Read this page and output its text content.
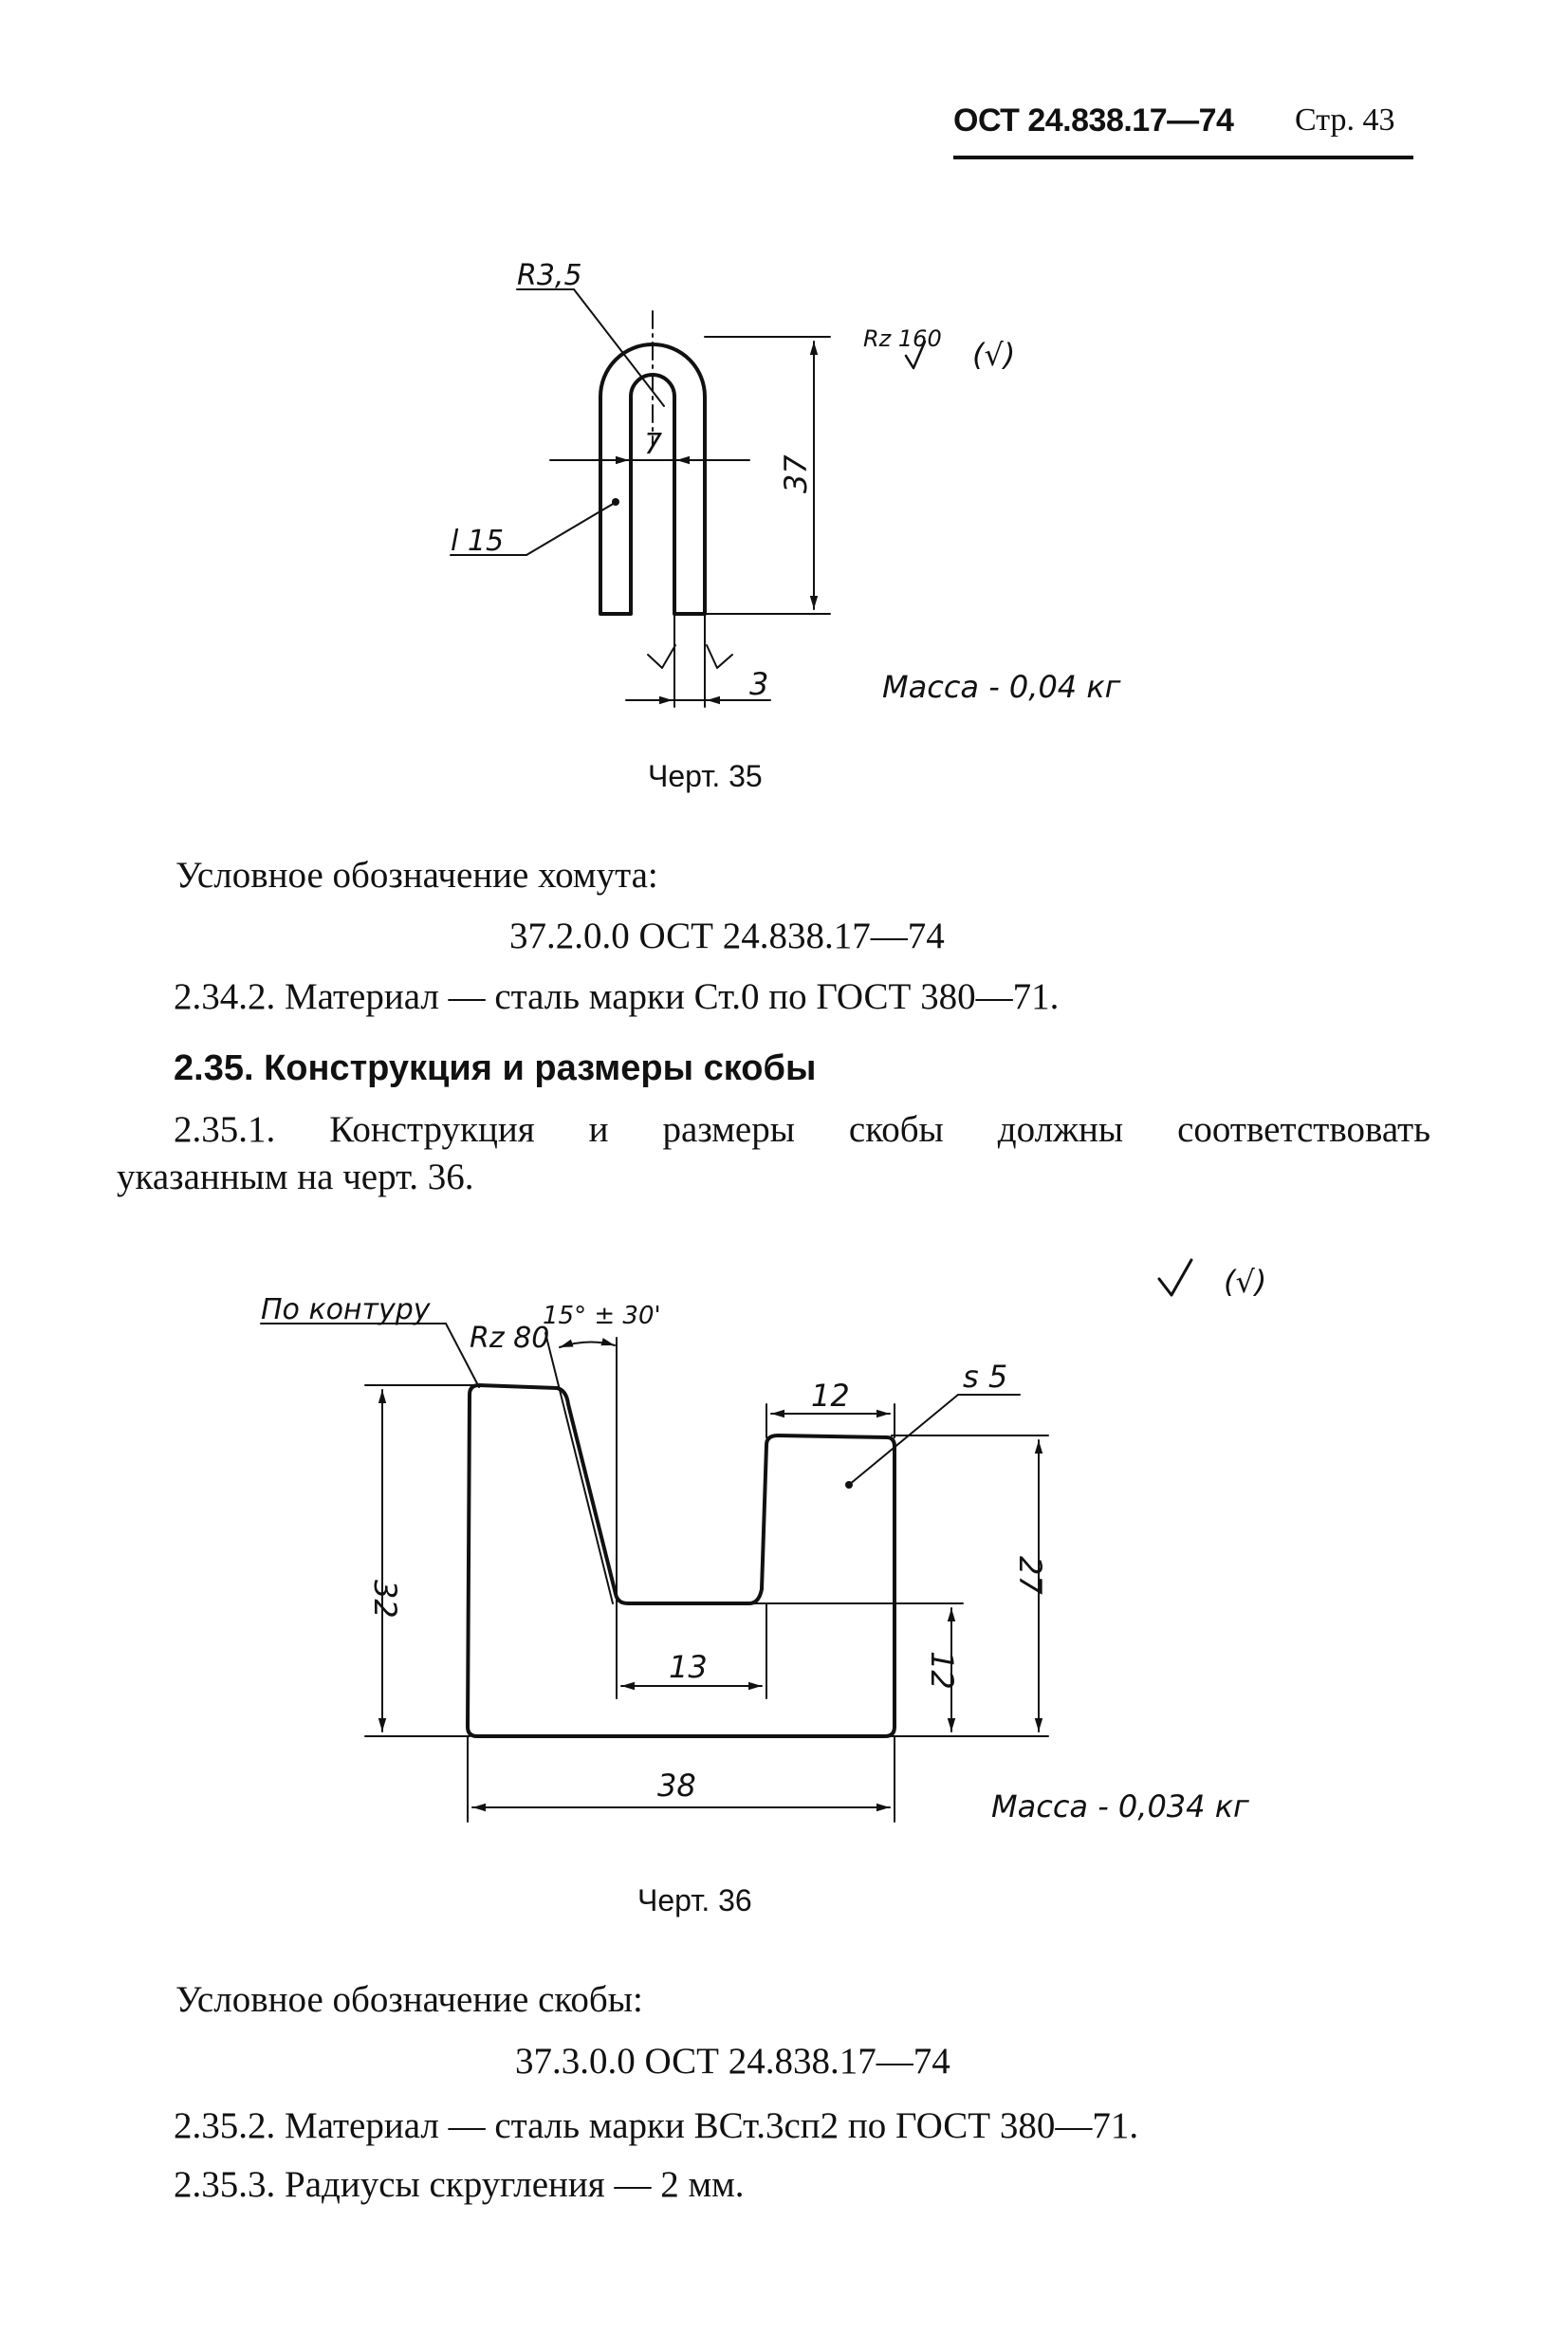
ОСТ 24.838.17—74 Стр. 43
R3,5
Rz 160 (√)
7
37
l 15
3	Масса - 0,04 кг
По контуру
Rz 80
15° ± 30'
(√)
12
s 5
32
27
12
13
38
Масса - 0,034 кг
Черт. 35
Условное обозначение хомута:
37.2.0.0 ОСТ 24.838.17—74
2.34.2. Материал — сталь марки Ст.0 по ГОСТ 380—71.
2.35. Конструкция и размеры скобы
2.35.1. Конструкция и размеры скобы должны соответствовать
указанным на черт. 36.
Черт. 36
Условное обозначение скобы:
37.3.0.0 ОСТ 24.838.17—74
2.35.2. Материал — сталь марки ВСт.3сп2 по ГОСТ 380—71.
2.35.3. Радиусы скругления — 2 мм.
